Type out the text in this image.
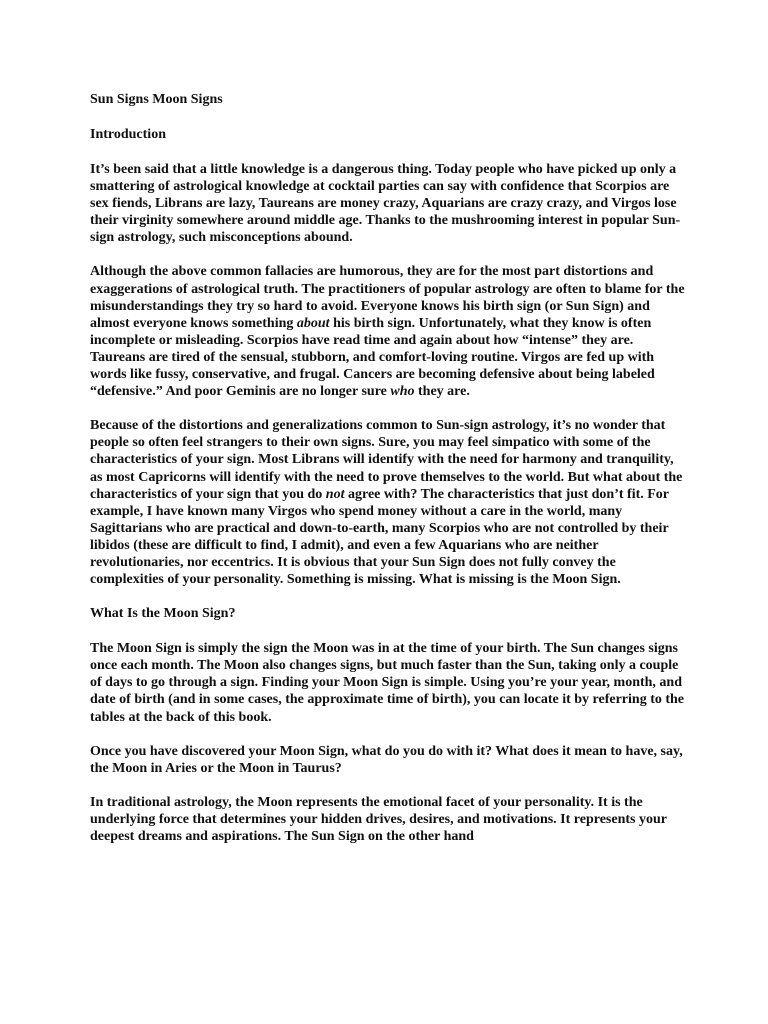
Sun Signs Moon Signs
Introduction

It’s been said that a little knowledge is a dangerous thing. Today people who have picked up only a smattering of astrological knowledge at cocktail parties can say with confidence that Scorpios are sex fiends, Librans are lazy, Taureans are money crazy, Aquarians are crazy crazy, and Virgos lose their virginity somewhere around middle age. Thanks to the mushrooming interest in popular Sun-sign astrology, such misconceptions abound.

Although the above common fallacies are humorous, they are for the most part distortions and exaggerations of astrological truth. The practitioners of popular astrology are often to blame for the misunderstandings they try so hard to avoid. Everyone knows his birth sign (or Sun Sign) and almost everyone knows something about his birth sign. Unfortunately, what they know is often incomplete or misleading. Scorpios have read time and again about how “intense” they are. Taureans are tired of the sensual, stubborn, and comfort-loving routine. Virgos are fed up with words like fussy, conservative, and frugal. Cancers are becoming defensive about being labeled “defensive.” And poor Geminis are no longer sure who they are.

Because of the distortions and generalizations common to Sun-sign astrology, it’s no wonder that people so often feel strangers to their own signs. Sure, you may feel simpatico with some of the characteristics of your sign. Most Librans will identify with the need for harmony and tranquility, as most Capricorns will identify with the need to prove themselves to the world. But what about the characteristics of your sign that you do not agree with? The characteristics that just don’t fit. For example, I have known many Virgos who spend money without a care in the world, many Sagittarians who are practical and down-to-earth, many Scorpios who are not controlled by their libidos (these are difficult to find, I admit), and even a few Aquarians who are neither revolutionaries, nor eccentrics. It is obvious that your Sun Sign does not fully convey the complexities of your personality. Something is missing. What is missing is the Moon Sign.

What Is the Moon Sign?

The Moon Sign is simply the sign the Moon was in at the time of your birth. The Sun changes signs once each month. The Moon also changes signs, but much faster than the Sun, taking only a couple of days to go through a sign. Finding your Moon Sign is simple. Using you’re your year, month, and date of birth (and in some cases, the approximate time of birth), you can locate it by referring to the tables at the back of this book.

Once you have discovered your Moon Sign, what do you do with it? What does it mean to have, say, the Moon in Aries or the Moon in Taurus?

In traditional astrology, the Moon represents the emotional facet of your personality. It is the underlying force that determines your hidden drives, desires, and motivations. It represents your deepest dreams and aspirations. The Sun Sign on the other hand
